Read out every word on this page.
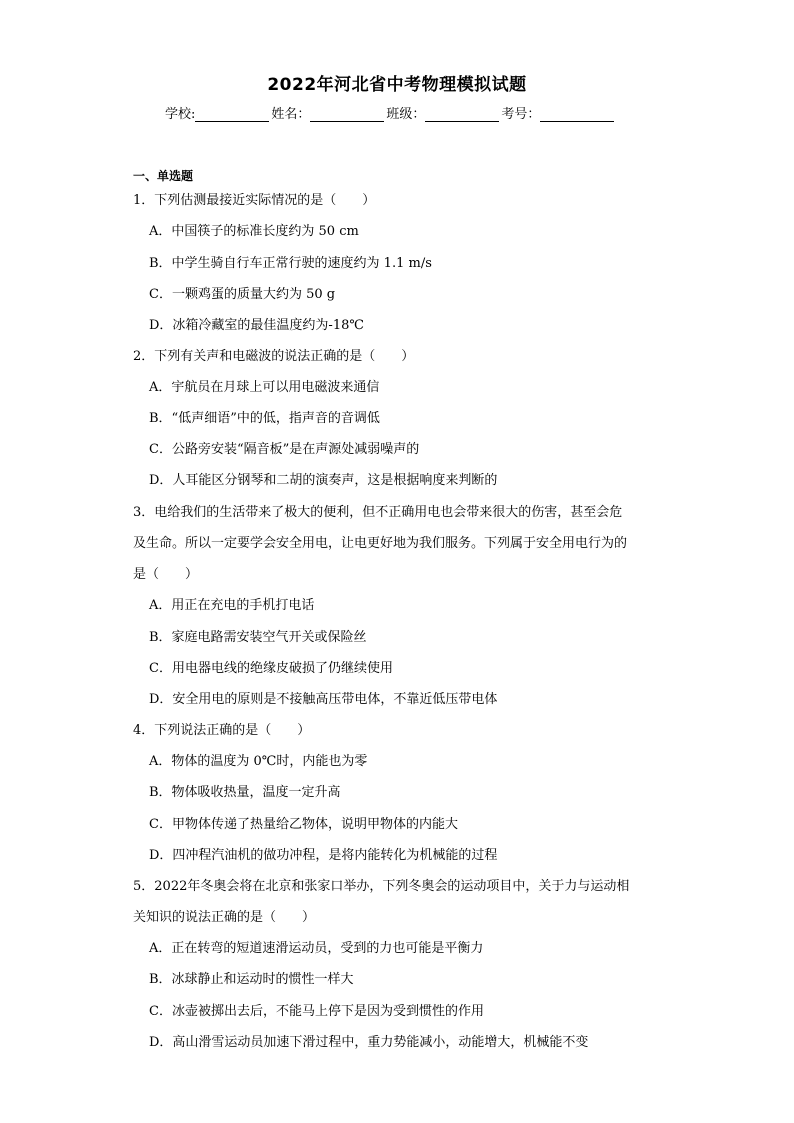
2022年河北省中考物理模拟试题
学校:	姓名：	班级：	考号：
一、单选题
1．下列估测最接近实际情况的是（　　）
A．中国筷子的标准长度约为 50 cm
B．中学生骑自行车正常行驶的速度约为 1.1 m/s
C．一颗鸡蛋的质量大约为 50 g
D．冰箱冷藏室的最佳温度约为-18℃
2．下列有关声和电磁波的说法正确的是（　　）
A．宇航员在月球上可以用电磁波来通信
B．“低声细语”中的低，指声音的音调低
C．公路旁安装“隔音板”是在声源处减弱噪声的
D．人耳能区分钢琴和二胡的演奏声，这是根据响度来判断的
3．电给我们的生活带来了极大的便利，但不正确用电也会带来很大的伤害，甚至会危
及生命。所以一定要学会安全用电，让电更好地为我们服务。下列属于安全用电行为的
是（　　）
A．用正在充电的手机打电话
B．家庭电路需安装空气开关或保险丝
C．用电器电线的绝缘皮破损了仍继续使用
D．安全用电的原则是不接触高压带电体，不靠近低压带电体
4．下列说法正确的是（　　）
A．物体的温度为 0℃时，内能也为零
B．物体吸收热量，温度一定升高
C．甲物体传递了热量给乙物体，说明甲物体的内能大
D．四冲程汽油机的做功冲程，是将内能转化为机械能的过程
5．2022年冬奥会将在北京和张家口举办，下列冬奥会的运动项目中，关于力与运动相
关知识的说法正确的是（　　）
A．正在转弯的短道速滑运动员，受到的力也可能是平衡力
B．冰球静止和运动时的惯性一样大
C．冰壶被掷出去后，不能马上停下是因为受到惯性的作用
D．高山滑雪运动员加速下滑过程中，重力势能减小，动能增大，机械能不变
